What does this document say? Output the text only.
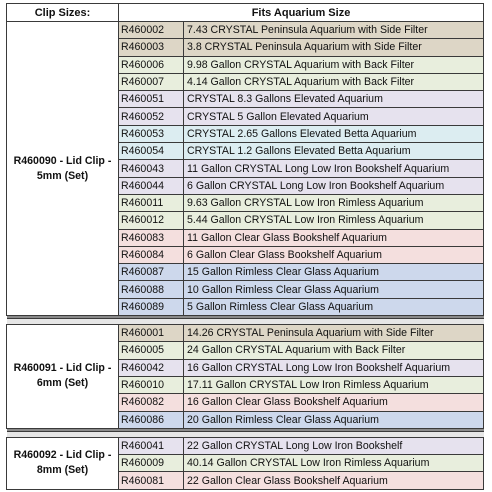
Clip Sizes:	Fits Aquarium Size	
R460090 - Lid Clip - 5mm (Set)	R460002	7.43 CRYSTAL Peninsula Aquarium with Side Filter
	R460003	3.8 CRYSTAL Peninsula Aquarium with Side Filter
	R460006	9.98 Gallon CRYSTAL Aquarium with Back Filter
	R460007	4.14 Gallon CRYSTAL Aquarium with Back Filter
	R460051	CRYSTAL 8.3 Gallons Elevated Aquarium
	R460052	CRYSTAL 5 Gallon Elevated Aquarium
	R460053	CRYSTAL 2.65 Gallons Elevated Betta Aquarium
	R460054	CRYSTAL 1.2 Gallons Elevated Betta Aquarium
	R460043	11 Gallon CRYSTAL Long Low Iron Bookshelf Aquarium
	R460044	6 Gallon CRYSTAL Long Low Iron Bookshelf Aquarium
	R460011	9.63 Gallon CRYSTAL Low Iron Rimless Aquarium
	R460012	5.44 Gallon CRYSTAL Low Iron Rimless Aquarium
	R460083	11 Gallon Clear Glass Bookshelf Aquarium
	R460084	6 Gallon Clear Glass Bookshelf Aquarium
	R460087	15 Gallon Rimless Clear Glass Aquarium
	R460088	10 Gallon Rimless Clear Glass Aquarium
	R460089	5 Gallon Rimless Clear Glass Aquarium

R460091 - Lid Clip - 6mm (Set)	R460001	14.26 CRYSTAL Peninsula Aquarium with Side Filter
	R460005	24 Gallon CRYSTAL Aquarium with Back Filter
	R460042	16 Gallon CRYSTAL Long Low Iron Bookshelf Aquarium
	R460010	17.11 Gallon CRYSTAL Low Iron Rimless Aquarium
	R460082	16 Gallon Clear Glass Bookshelf Aquarium
	R460086	20 Gallon Rimless Clear Glass Aquarium

R460092 - Lid Clip - 8mm (Set)	R460041	22 Gallon CRYSTAL Long Low Iron Bookshelf
	R460009	40.14 Gallon CRYSTAL Low Iron Rimless Aquarium
	R460081	22 Gallon Clear Glass Bookshelf Aquarium
